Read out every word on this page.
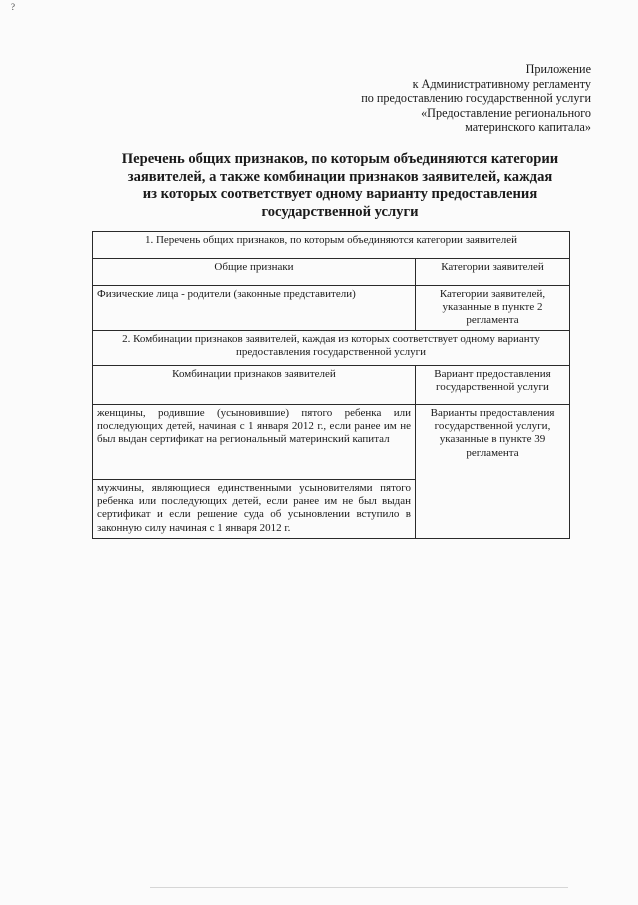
?
Приложение
к Административному регламенту
по предоставлению государственной услуги
«Предоставление регионального
материнского капитала»
Перечень общих признаков, по которым объединяются категории
заявителей, а также комбинации признаков заявителей, каждая
из которых соответствует одному варианту предоставления
государственной услуги
1. Перечень общих признаков, по которым объединяются категории заявителей	
Общие признаки	Категории заявителей
Физические лица - родители (законные представители)	Категории заявителей, указанные в пункте 2 регламента
2. Комбинации признаков заявителей, каждая из которых соответствует одному варианту предоставления государственной услуги	
Комбинации признаков заявителей	Вариант предоставления государственной услуги
женщины, родившие (усыновившие) пятого ребенка или последующих детей, начиная с 1 января 2012 г., если ранее им не был выдан сертификат на региональный материнский капитал	Варианты предоставления государственной услуги, указанные в пункте 39 регламента
мужчины, являющиеся единственными усыновителями пятого ребенка или последующих детей, если ранее им не был выдан сертификат и если решение суда об усыновлении вступило в законную силу начиная с 1 января 2012 г.	
